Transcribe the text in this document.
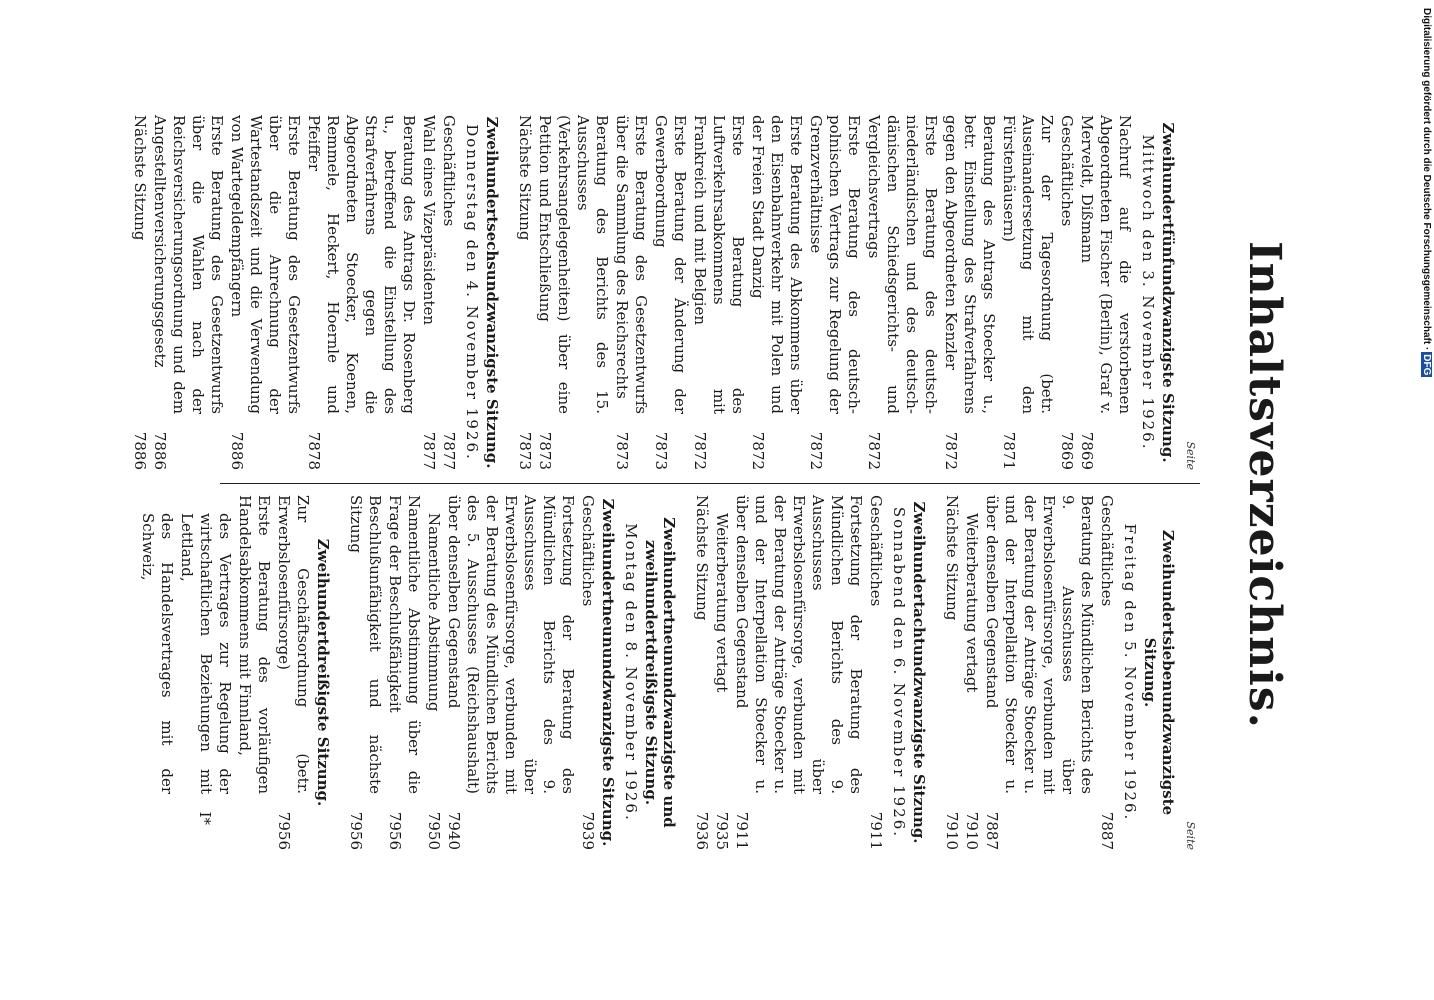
Inhaltsverzeichnis.
Seite
Zweihundertfünfundzwanzigste Sitzung.
Mittwoch den 3. November 1926.
Nachruf auf die verstorbenen Abgeordneten Fischer (Berlin), Graf v. Merveldt, Dißmann
7869
Geschäftliches
7869
Zur der Tagesordnung (betr. Auseinandersetzung mit den Fürstenhäusern)
7871
Beratung des Antrags Stoecker u., betr. Einstellung des Strafverfahrens gegen den Abgeordneten Kenzler
7872
Erste Beratung des deutsch-niederländischen und des deutsch-dänischen Schiedsgerichts- und Vergleichsvertrags
7872
Erste Beratung des deutsch-polnischen Vertrags zur Regelung der Grenzverhältnisse
7872
Erste Beratung des Abkommens über den Eisenbahnverkehr mit Polen und der Freien Stadt Danzig
7872
Erste Beratung des Luftverkehrsabkommens mit Frankreich und mit Belgien
7872
Erste Beratung der Änderung der Gewerbeordnung
7873
Erste Beratung des Gesetzentwurfs über die Sammlung des Reichsrechts
7873
Beratung des Berichts des 15. Ausschusses (Verkehrsangelegenheiten) über eine Petition und Entschließung
7873
Nächste Sitzung
7873
Zweihundertsechsundzwanzigste Sitzung.
Donnerstag den 4. November 1926.
Geschäftliches
7877
Wahl eines Vizepräsidenten
7877
Beratung des Antrags Dr. Rosenberg u., betreffend die Einstellung des Strafverfahrens gegen die Abgeordneten Stoecker, Koenen, Remmele, Heckert, Hoernle und Pfeiffer
7878
Erste Beratung des Gesetzentwurfs über die Anrechnung der Wartestandszeit und die Verwendung von Wartegeldempfängern
7886
Erste Beratung des Gesetzentwurfs über die Wahlen nach der Reichsversicherungsordnung und dem Angestelltenversicherungsgesetz
7886
Nächste Sitzung
7886
Seite
Zweihundertsiebenundzwanzigste Sitzung.
Freitag den 5. November 1926.
Geschäftliches
7887
Beratung des Mündlichen Berichts des 9. Ausschusses über Erwerbslosenfürsorge, verbunden mit der Beratung der Anträge Stoecker u. und der Interpellation Stoecker u. über denselben Gegenstand
7887
Weiterberatung vertagt
7910
Nächste Sitzung
7910
Zweihundertachtundzwanzigste Sitzung.
Sonnabend den 6. November 1926.
Geschäftliches
7911
Fortsetzung der Beratung des Mündlichen Berichts des 9. Ausschusses über Erwerbslosenfürsorge, verbunden mit der Beratung der Anträge Stoecker u. und der Interpellation Stoecker u. über denselben Gegenstand
7911
Weiterberatung vertagt
7935
Nächste Sitzung
7936
Zweihundertneunundzwanzigste und zweihundertdreißigste Sitzung.
Montag den 8. November 1926.
Zweihundertneunundzwanzigste Sitzung.
Geschäftliches
7939
Fortsetzung der Beratung des Mündlichen Berichts des 9. Ausschusses über Erwerbslosenfürsorge, verbunden mit der Beratung des Mündlichen Berichts des 5. Ausschusses (Reichshaushalt) über denselben Gegenstand
7940
Namentliche Abstimmung
7950
Namentliche Abstimmung über die Frage der Beschlußfähigkeit
7956
Beschlußunfähigkeit und nächste Sitzung
7956
Zweihundertdreißigste Sitzung.
Zur Geschäftsordnung (betr. Erwerbslosenfürsorge)
7956
Erste Beratung des vorläufigen Handelsabkommens mit Finnland,
des Vertrages zur Regelung der wirtschaftlichen Beziehungen mit Lettland,
des Handelsvertrages mit der Schweiz,
I*
Digitalisierung gefördert durch die Deutsche Forschungsgemeinschaft ·DFG
